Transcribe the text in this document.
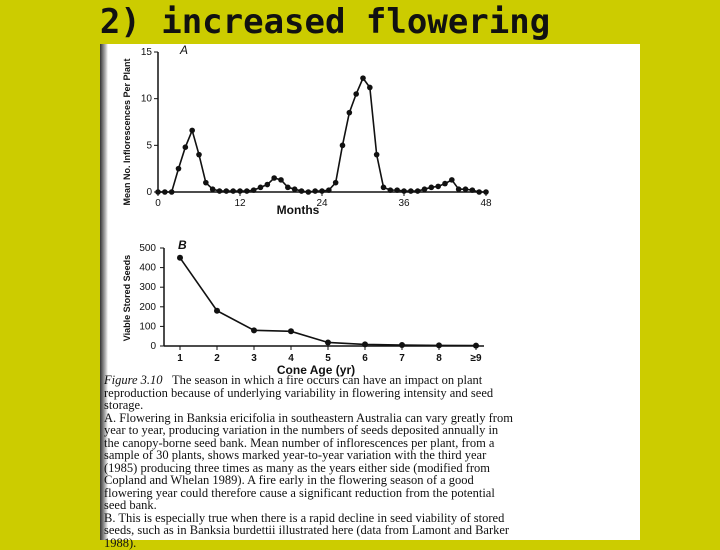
2) increased flowering
0
5
10
15
0	12	24	36	48
A
Months
Mean No. Inflorescences Per Plant
0
100
200
300
400
500
1	2	3	4	5	6	7	8	≥9
B
Cone Age (yr)
Viable Stored Seeds

Figure 3.10 The season in which a fire occurs can have an impact on plant

reproduction because of underlying variability in flowering intensity and seed

storage.

A. Flowering in Banksia ericifolia in southeastern Australia can vary greatly from

year to year, producing variation in the numbers of seeds deposited annually in

the canopy-borne seed bank. Mean number of inflorescences per plant, from a

sample of 30 plants, shows marked year-to-year variation with the third year

(1985) producing three times as many as the years either side (modified from

Copland and Whelan 1989). A fire early in the flowering season of a good

flowering year could therefore cause a significant reduction from the potential

seed bank.

B. This is especially true when there is a rapid decline in seed viability of stored

seeds, such as in Banksia burdettii illustrated here (data from Lamont and Barker

1988).
